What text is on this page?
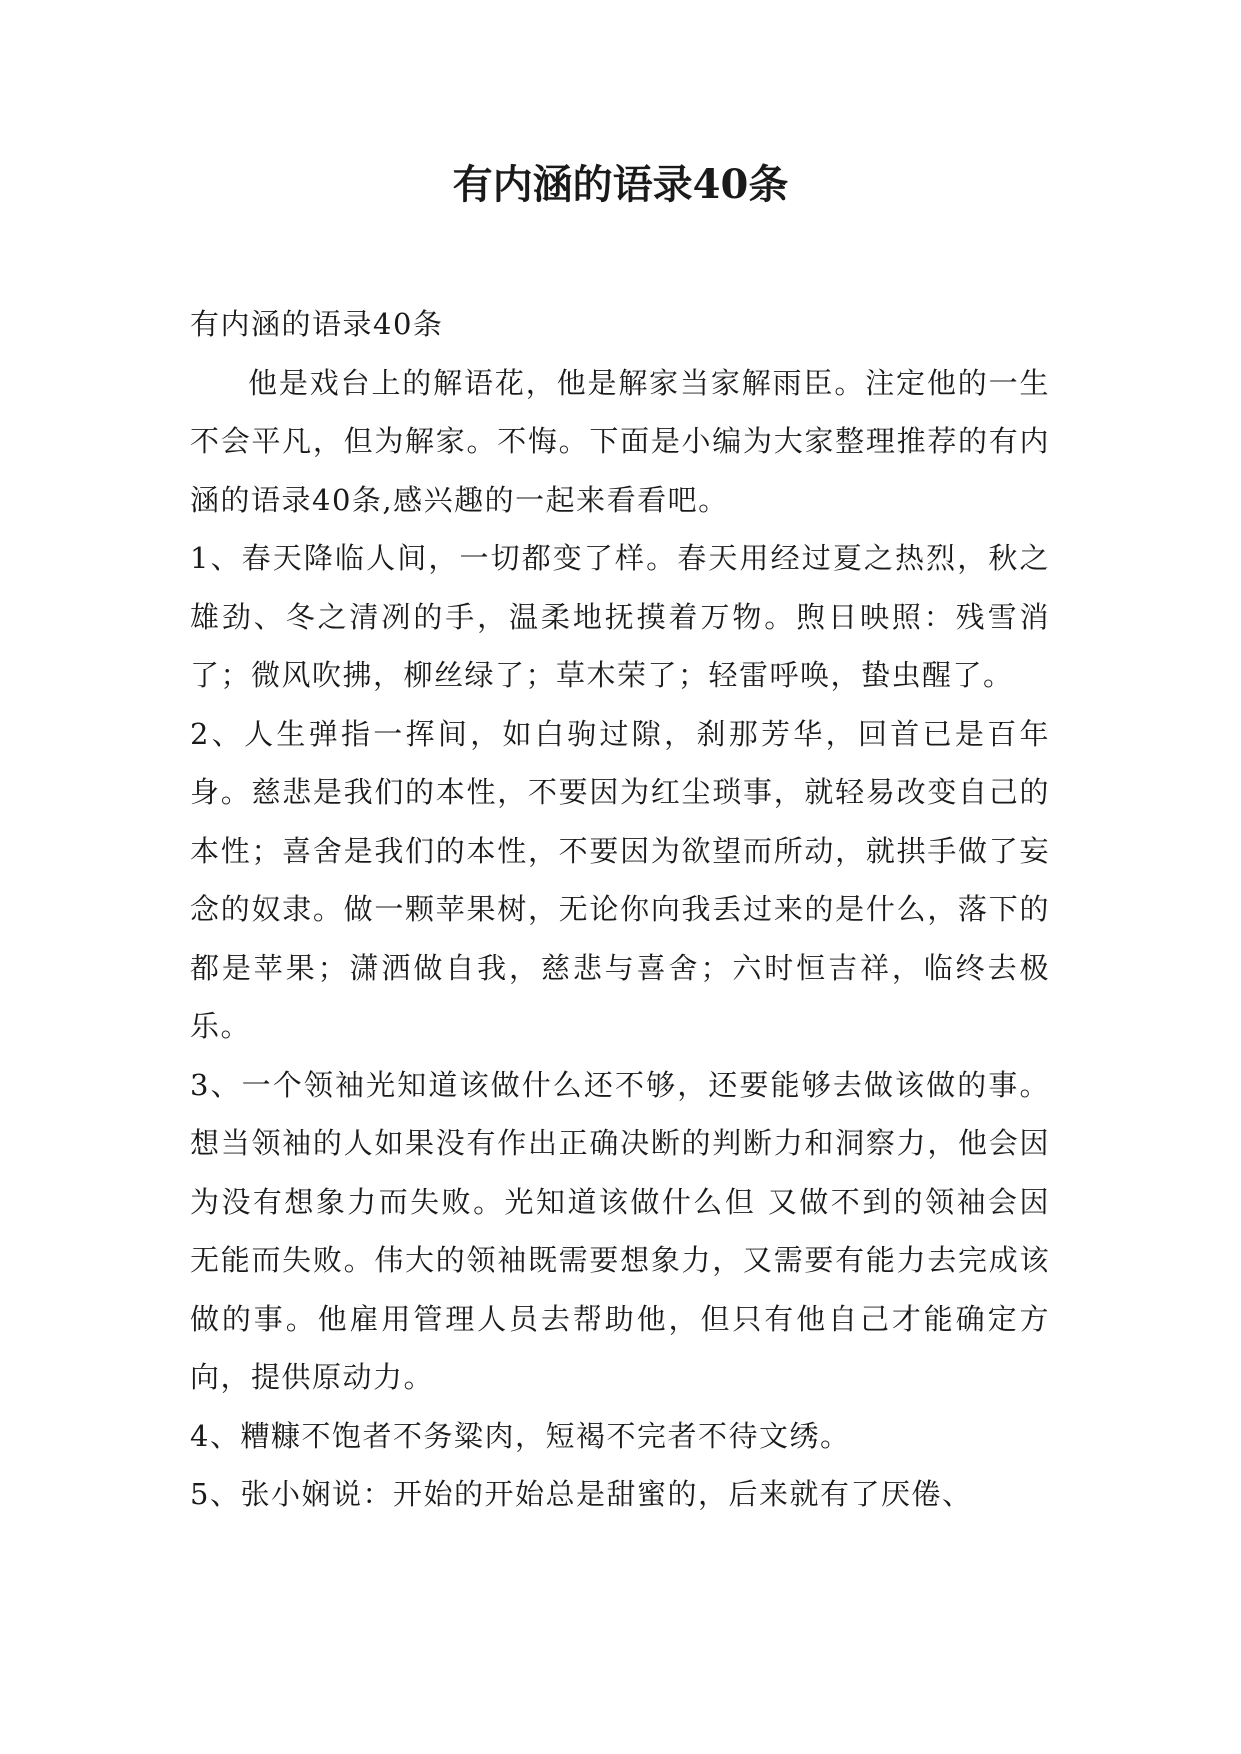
有内涵的语录40条

有内涵的语录40条

他是戏台上的解语花，他是解家当家解雨臣。注定他的一生不会平凡，但为解家。不悔。下面是小编为大家整理推荐的有内涵的语录40条,感兴趣的一起来看看吧。

1、春天降临人间，一切都变了样。春天用经过夏之热烈，秋之雄劲、冬之清冽的手，温柔地抚摸着万物。煦日映照：残雪消了；微风吹拂，柳丝绿了；草木荣了；轻雷呼唤，蛰虫醒了。

2、人生弹指一挥间，如白驹过隙，刹那芳华，回首已是百年身。慈悲是我们的本性，不要因为红尘琐事，就轻易改变自己的本性；喜舍是我们的本性，不要因为欲望而所动，就拱手做了妄念的奴隶。做一颗苹果树，无论你向我丢过来的是什么，落下的都是苹果；潇洒做自我，慈悲与喜舍；六时恒吉祥，临终去极乐。

3、一个领袖光知道该做什么还不够，还要能够去做该做的事。想当领袖的人如果没有作出正确决断的判断力和洞察力，他会因为没有想象力而失败。光知道该做什么但 又做不到的领袖会因无能而失败。伟大的领袖既需要想象力，又需要有能力去完成该做的事。他雇用管理人员去帮助他，但只有他自己才能确定方向，提供原动力。

4、糟糠不饱者不务粱肉，短褐不完者不待文绣。

5、张小娴说：开始的开始总是甜蜜的，后来就有了厌倦、
